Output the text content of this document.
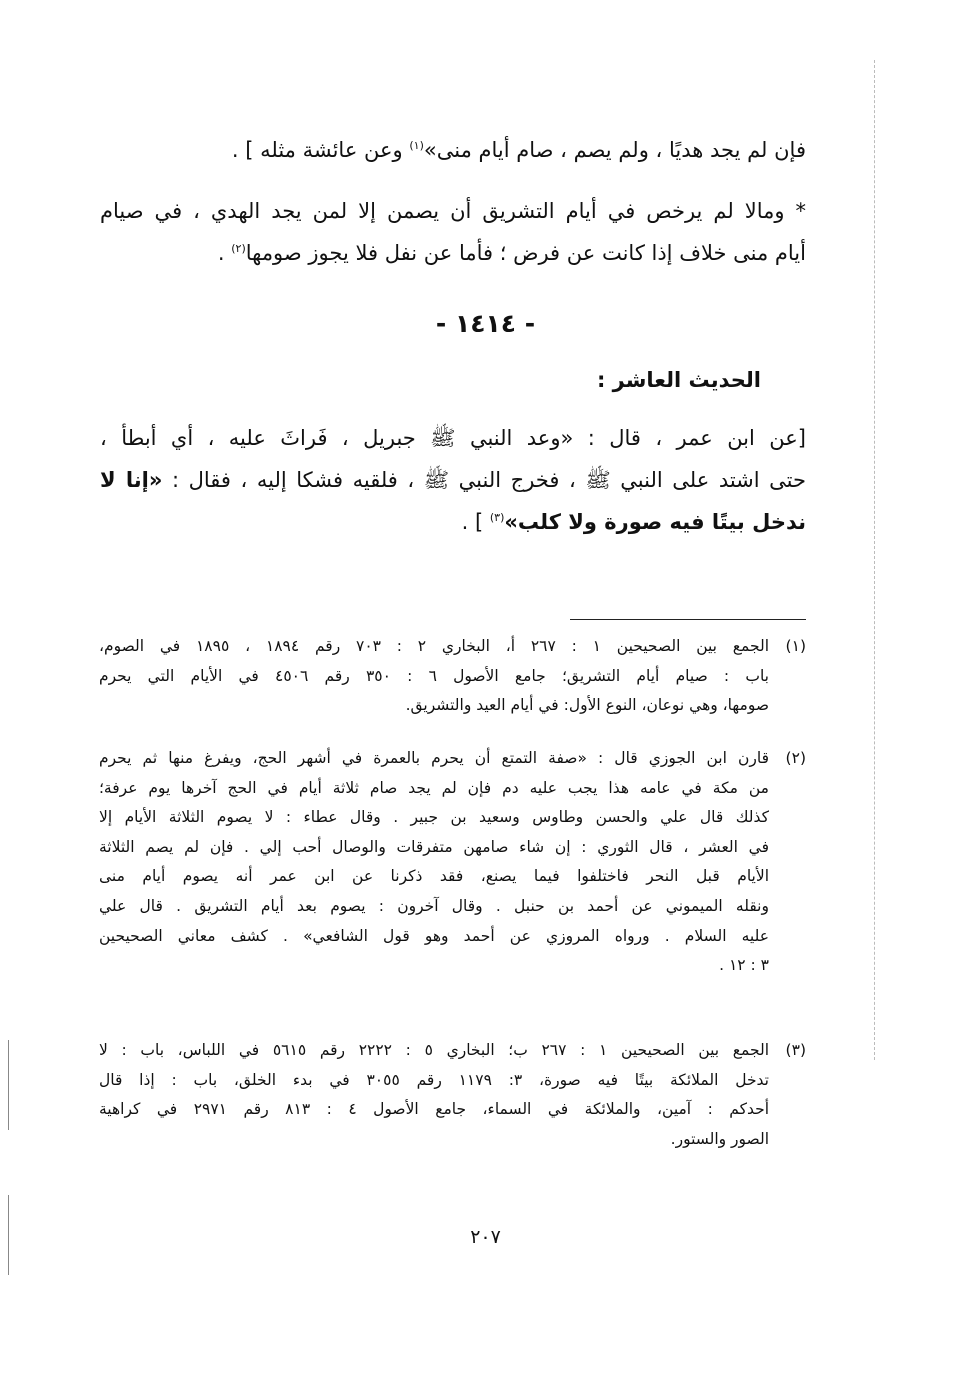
فإن لم يجد هديًا ، ولم يصم ، صام أيام منى»$^{(١)}$ وعن عائشة مثله ] .
* ومالا لم يرخص في أيام التشريق أن يصمن إلا لمن يجد الهدي ، في صيام
أيام منى خلاف إذا كانت عن فرض ؛ فأما عن نفل فلا يجوز صومها$^{(٢)}$ .
- ١٤١٤ -
الحديث العاشر :
[عن ابن عمر ، قال : «وعد النبي ﷺ جبريل ، فَراثَ عليه ، أي أبطأ ،
حتى اشتد على النبي ﷺ ، فخرج النبي ﷺ ، فلقيه فشكا إليه ، فقال : «إنا لا
ندخل بيتًا فيه صورة ولا كلب»$^{(٣)}$ ] .
(١)
الجمع بين الصحيحين ١ : ٢٦٧ أ، البخاري ٢ : ٧٠٣ رقم ١٨٩٤ ، ١٨٩٥ في الصوم،
باب : صيام أيام التشريق؛ جامع الأصول ٦ : ٣٥٠ رقم ٤٥٠٦ في الأيام التي يحرم
صومها، وهي نوعان، النوع الأول: في أيام العيد والتشريق.
(٢)
قارن ابن الجوزي قال : «صفة التمتع أن يحرم بالعمرة في أشهر الحج، ويفرغ منها ثم يحرم
من مكة في عامه هذا يجب عليه دم فإن لم يجد صام ثلاثة أيام في الحج آخرها يوم عرفة؛
كذلك قال علي والحسن وطاوس وسعيد بن جبير . وقال عطاء : لا يصوم الثلاثة الأيام إلا
في العشر ، قال الثوري : إن شاء صامهن متفرقات والوصال أحب إلي . فإن لم يصم الثلاثة
الأيام قبل النحر فاختلفوا فيما يصنع، فقد ذكرنا عن ابن عمر أنه يصوم أيام منى
ونقله الميموني عن أحمد بن حنبل . وقال آخرون : يصوم بعد أيام التشريق . قال علي
عليه السلام . ورواه المروزي عن أحمد وهو قول الشافعي» . كشف معاني الصحيحين
٣ : ١٢ .
(٣)
الجمع بين الصحيحين ١ : ٢٦٧ ب؛ البخاري ٥ : ٢٢٢٢ رقم ٥٦١٥ في اللباس، باب : لا
تدخل الملائكة بيتًا فيه صورة، ٣: ١١٧٩ رقم ٣٠٥٥ في بدء الخلق، باب : إذا قال
أحدكم : آمين، والملائكة في السماء، جامع الأصول ٤ : ٨١٣ رقم ٢٩٧١ في كراهية
الصور والستور.
٢٠٧
